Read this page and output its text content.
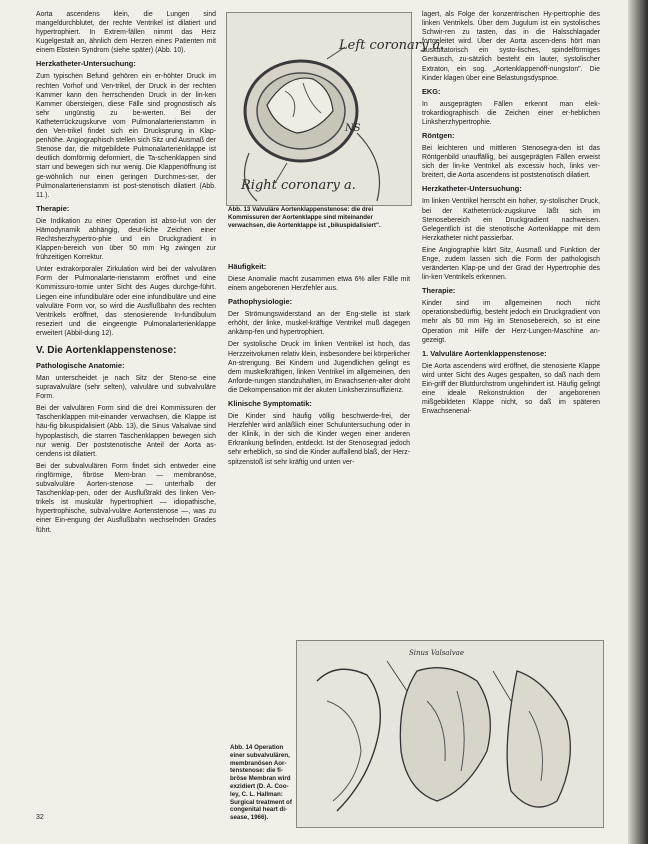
Aorta ascendens klein, die Lungen sind mangeldurchblutet, der rechte Ventrikel ist dilatiert und hypertrophiert. In Extrem-fällen nimmt das Herz Kugelgestalt an, ähnlich dem Herzen eines Patienten mit einem Ebstein Syndrom (siehe später) (Abb. 10).

Herzkatheter-Untersuchung:

Zum typischen Befund gehören ein er-höhter Druck im rechten Vorhof und Ven-trikel, der Druck in der rechten Kammer kann den herrschenden Druck in der lin-ken Kammer übersteigen, diese Fälle sind prognostisch als sehr ungünstig zu be-werten. Bei der Katheterrückzugskurve vom Pulmonalarterienstamm in den Ven-trikel findet sich ein Drucksprung in Klap-penhöhe. Angiographisch stellen sich Sitz und Ausmaß der Stenose dar, die mitgebildete Pulmonalarterienklappe ist deutlich domförmig deformiert, die Ta-schenklappen sind starr und bewegen sich nur wenig. Die Klappenöffnung ist ge-wöhnlich nur einen geringen Durchmes-ser, der Pulmonalarterienstamm ist post-stenotisch dilatiert (Abb. 11.).

Therapie:

Die Indikation zu einer Operation ist abso-lut von der Hämodynamik abhängig, deut-liche Zeichen einer Rechtsherzhypertro-phie und ein Druckgradient in Klappen-bereich von über 50 mm Hg zwingen zur frühzeitigen Korrektur.

Unter extrakorporaler Zirkulation wird bei der valvulären Form der Pulmonalarte-rienstamm eröffnet und eine Kommissuro-tomie unter Sicht des Auges durchge-führt. Liegen eine infundibuläre oder eine infundibuläre und eine valvuläre Form vor, so wird die Ausflußbahn des rechten Ventrikels eröffnet, das stenosierende In-fundibulum reseziert und die eingeengte Pulmonalarterienklappe erweitert (Abbil-dung 12).

V. Die Aortenklappenstenose:
Pathologische Anatomie:

Man unterscheidet je nach Sitz der Steno-se eine supravalvuläre (sehr selten), valvuläre und subvalvuläre Form.

Bei der valvulären Form sind die drei Kommissuren der Taschenklappen mit-einander verwachsen, die Klappe ist häu-fig bikuspidalisiert (Abb. 13), die Sinus Valsalvae sind hypoplastisch, die starren Taschenklappen bewegen sich nur wenig. Der poststenotische Anteil der Aorta as-cendens ist dilatiert.

Bei der subvalvulären Form findet sich entweder eine ringförmige, fibröse Mem-bran — membranöse, subvalvuläre Aorten-stenose — unterhalb der Taschenklap-pen, oder der Ausflußtrakt des linken Ven-trikels ist muskulär hypertrophiert — idiopathische, hypertrophische, subval-vuläre Aortenstenose —, was zu einer Ein-engung der Ausflußbahn wechselnden Grades führt.

Left coronary a.
NS
Right coronary a.
Abb. 13 Valvuläre Aortenklappenstenose: die drei Kommissuren der Aortenklappe sind miteinander verwachsen, die Aortenklappe ist „bikuspidalisiert".
Häufigkeit:

Diese Anomalie macht zusammen etwa 6% aller Fälle mit einem angeborenen Herzfehler aus.

Pathophysiologie:

Der Strömungswiderstand an der Eng-stelle ist stark erhöht, der linke, muskel-kräftige Ventrikel muß dagegen ankämp-fen und hypertrophiert.

Der systolische Druck im linken Ventrikel ist hoch, das Herzzeitvolumen relativ klein, insbesondere bei körperlicher An-strengung. Bei Kindern und Jugendlichen gelingt es dem muskelkräftigen, linken Ventrikel im allgemeinen, den Anforde-rungen standzuhalten, im Erwachsenen-alter droht die Dekompensation mit der akuten Linksherzinsuffizienz.

Klinische Symptomatik:

Die Kinder sind häufig völlig beschwerde-frei, der Herzfehler wird anläßlich einer Schuluntersuchung oder in der Klinik, in der sich die Kinder wegen einer anderen Erkrankung befinden, entdeckt. Ist der Stenosegrad jedoch sehr erheblich, so sind die Kinder auffallend blaß, der Herz-spitzenstoß ist sehr kräftig und unten ver-

lagert, als Folge der konzentrischen Hy-pertrophie des linken Ventrikels. Über dem Jugulum ist ein systolisches Schwir-ren zu tasten, das in die Halsschlagader fortgeleitet wird. Über der Aorta ascen-dens hört man auskultatorisch ein systo-lisches, spindelförmiges Geräusch, zu-sätzlich besteht ein lauter, systolischer Extraton, ein sog. „Aortenklappenöff-nungston". Die Kinder klagen über eine Belastungsdyspnoe.

EKG:

In ausgeprägten Fällen erkennt man elek-trokardiographisch die Zeichen einer er-heblichen Linksherzhypertrophie.

Röntgen:

Bei leichteren und mittleren Stenosegra-den ist das Röntgenbild unauffällig, bei ausgeprägten Fällen erweist sich der lin-ke Ventrikel als excessiv hoch, links ver-breitert, die Aorta ascendens ist poststenotisch dilatiert.

Herzkatheter-Untersuchung:

Im linken Ventrikel herrscht ein hoher, sy-stolischer Druck, bei der Katheterrück-zugskurve läßt sich im Stenosebereich ein Druckgradient nachweisen. Gelegentlich ist die stenotische Aortenklappe mit dem Herzkatheter nicht passierbar.

Eine Angiographie klärt Sitz, Ausmaß und Funktion der Enge, zudem lassen sich die Form der pathologisch veränderten Klap-pe und der Grad der Hypertrophie des lin-ken Ventrikels erkennen.

Therapie:

Kinder sind im allgemeinen noch nicht operationsbedürftig, besteht jedoch ein Druckgradient von mehr als 50 mm Hg im Stenosebereich, so ist eine Operation mit Hilfe der Herz-Lungen-Maschine an-gezeigt.

1. Valvuläre Aortenklappenstenose:

Die Aorta ascendens wird eröffnet, die stenosierte Klappe wird unter Sicht des Auges gespalten, so daß nach dem Ein-griff der Blutdurchstrom ungehindert ist. Häufig gelingt eine ideale Rekonstruktion der angeborenen mißgebildeten Klappe nicht, so daß im späteren Erwachsenenal-

Sinus Valsalvae
Abb. 14 Operation einer subvalvulären, membranösen Aor-tenstenose: die fi-bröse Membran wird exzidiert (D. A. Coo-ley, C. L. Hallman: Surgical treatment of congenital heart di-sease, 1966).
32
